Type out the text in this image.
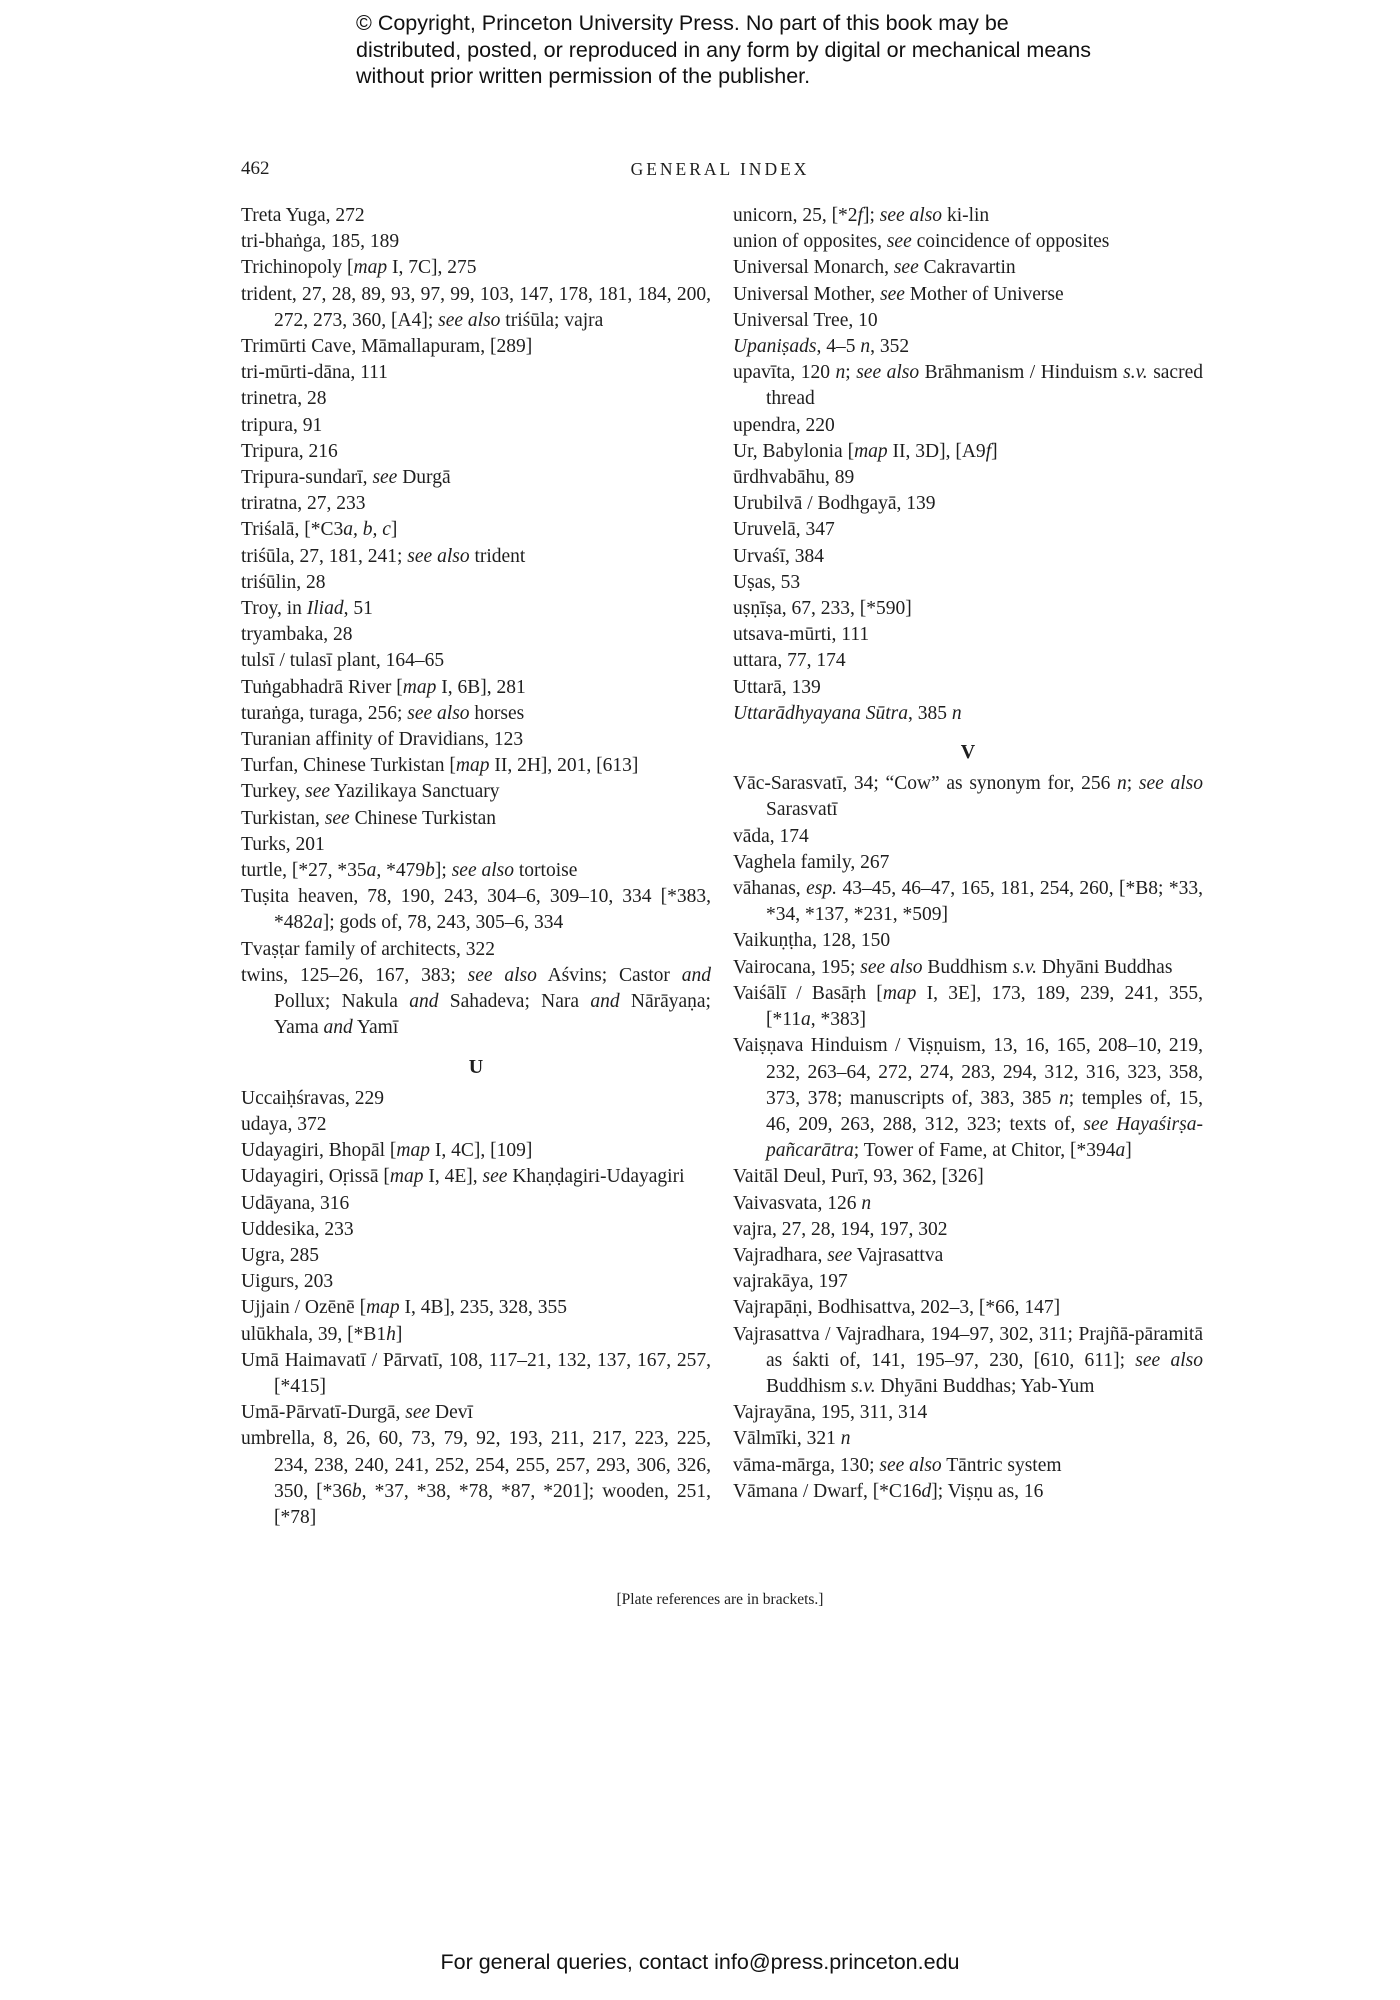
© Copyright, Princeton University Press. No part of this book may be distributed, posted, or reproduced in any form by digital or mechanical means without prior written permission of the publisher.
462	GENERAL INDEX
Treta Yuga, 272
tri-bhaṅga, 185, 189
Trichinopoly [map I, 7C], 275
trident, 27, 28, 89, 93, 97, 99, 103, 147, 178, 181, 184, 200, 272, 273, 360, [A4]; see also triśūla; vajra
Trimūrti Cave, Māmallapuram, [289]
tri-mūrti-dāna, 111
trinetra, 28
tripura, 91
Tripura, 216
Tripura-sundarī, see Durgā
triratna, 27, 233
Triśalā, [*C3a, b, c]
triśūla, 27, 181, 241; see also trident
triśūlin, 28
Troy, in Iliad, 51
tryambaka, 28
tulsī / tulasī plant, 164–65
Tuṅgabhadrā River [map I, 6B], 281
turaṅga, turaga, 256; see also horses
Turanian affinity of Dravidians, 123
Turfan, Chinese Turkistan [map II, 2H], 201, [613]
Turkey, see Yazilikaya Sanctuary
Turkistan, see Chinese Turkistan
Turks, 201
turtle, [*27, *35a, *479b]; see also tortoise
Tuṣita heaven, 78, 190, 243, 304–6, 309–10, 334 [*383, *482a]; gods of, 78, 243, 305–6, 334
Tvaṣṭar family of architects, 322
twins, 125–26, 167, 383; see also Aśvins; Castor and Pollux; Nakula and Sahadeva; Nara and Nārāyaṇa; Yama and Yamī
U
Uccaiḥśravas, 229
udaya, 372
Udayagiri, Bhopāl [map I, 4C], [109]
Udayagiri, Oṛissā [map I, 4E], see Khaṇḍagiri-Udayagiri
Udāyana, 316
Uddesika, 233
Ugra, 285
Uigurs, 203
Ujjain / Ozēnē [map I, 4B], 235, 328, 355
ulūkhala, 39, [*B1h]
Umā Haimavatī / Pārvatī, 108, 117–21, 132, 137, 167, 257, [*415]
Umā-Pārvatī-Durgā, see Devī
umbrella, 8, 26, 60, 73, 79, 92, 193, 211, 217, 223, 225, 234, 238, 240, 241, 252, 254, 255, 257, 293, 306, 326, 350, [*36b, *37, *38, *78, *87, *201]; wooden, 251, [*78]
unicorn, 25, [*2f]; see also ki-lin
union of opposites, see coincidence of opposites
Universal Monarch, see Cakravartin
Universal Mother, see Mother of Universe
Universal Tree, 10
Upaniṣads, 4–5 n, 352
upavīta, 120 n; see also Brāhmanism / Hinduism s.v. sacred thread
upendra, 220
Ur, Babylonia [map II, 3D], [A9f]
ūrdhvabāhu, 89
Urubilvā / Bodhgayā, 139
Uruvelā, 347
Urvaśī, 384
Uṣas, 53
uṣṇīṣa, 67, 233, [*590]
utsava-mūrti, 111
uttara, 77, 174
Uttarā, 139
Uttarādhyayana Sūtra, 385 n
V
Vāc-Sarasvatī, 34; “Cow” as synonym for, 256 n; see also Sarasvatī
vāda, 174
Vaghela family, 267
vāhanas, esp. 43–45, 46–47, 165, 181, 254, 260, [*B8; *33, *34, *137, *231, *509]
Vaikuṇṭha, 128, 150
Vairocana, 195; see also Buddhism s.v. Dhyāni Buddhas
Vaiśālī / Basāṛh [map I, 3E], 173, 189, 239, 241, 355, [*11a, *383]
Vaiṣṇava Hinduism / Viṣṇuism, 13, 16, 165, 208–10, 219, 232, 263–64, 272, 274, 283, 294, 312, 316, 323, 358, 373, 378; manuscripts of, 383, 385 n; temples of, 15, 46, 209, 263, 288, 312, 323; texts of, see Hayaśirṣa-pañcarātra; Tower of Fame, at Chitor, [*394a]
Vaitāl Deul, Purī, 93, 362, [326]
Vaivasvata, 126 n
vajra, 27, 28, 194, 197, 302
Vajradhara, see Vajrasattva
vajrakāya, 197
Vajrapāṇi, Bodhisattva, 202–3, [*66, 147]
Vajrasattva / Vajradhara, 194–97, 302, 311; Prajñā-pāramitā as śakti of, 141, 195–97, 230, [610, 611]; see also Buddhism s.v. Dhyāni Buddhas; Yab-Yum
Vajrayāna, 195, 311, 314
Vālmīki, 321 n
vāma-mārga, 130; see also Tāntric system
Vāmana / Dwarf, [*C16d]; Viṣṇu as, 16
[Plate references are in brackets.]
For general queries, contact info@press.princeton.edu
